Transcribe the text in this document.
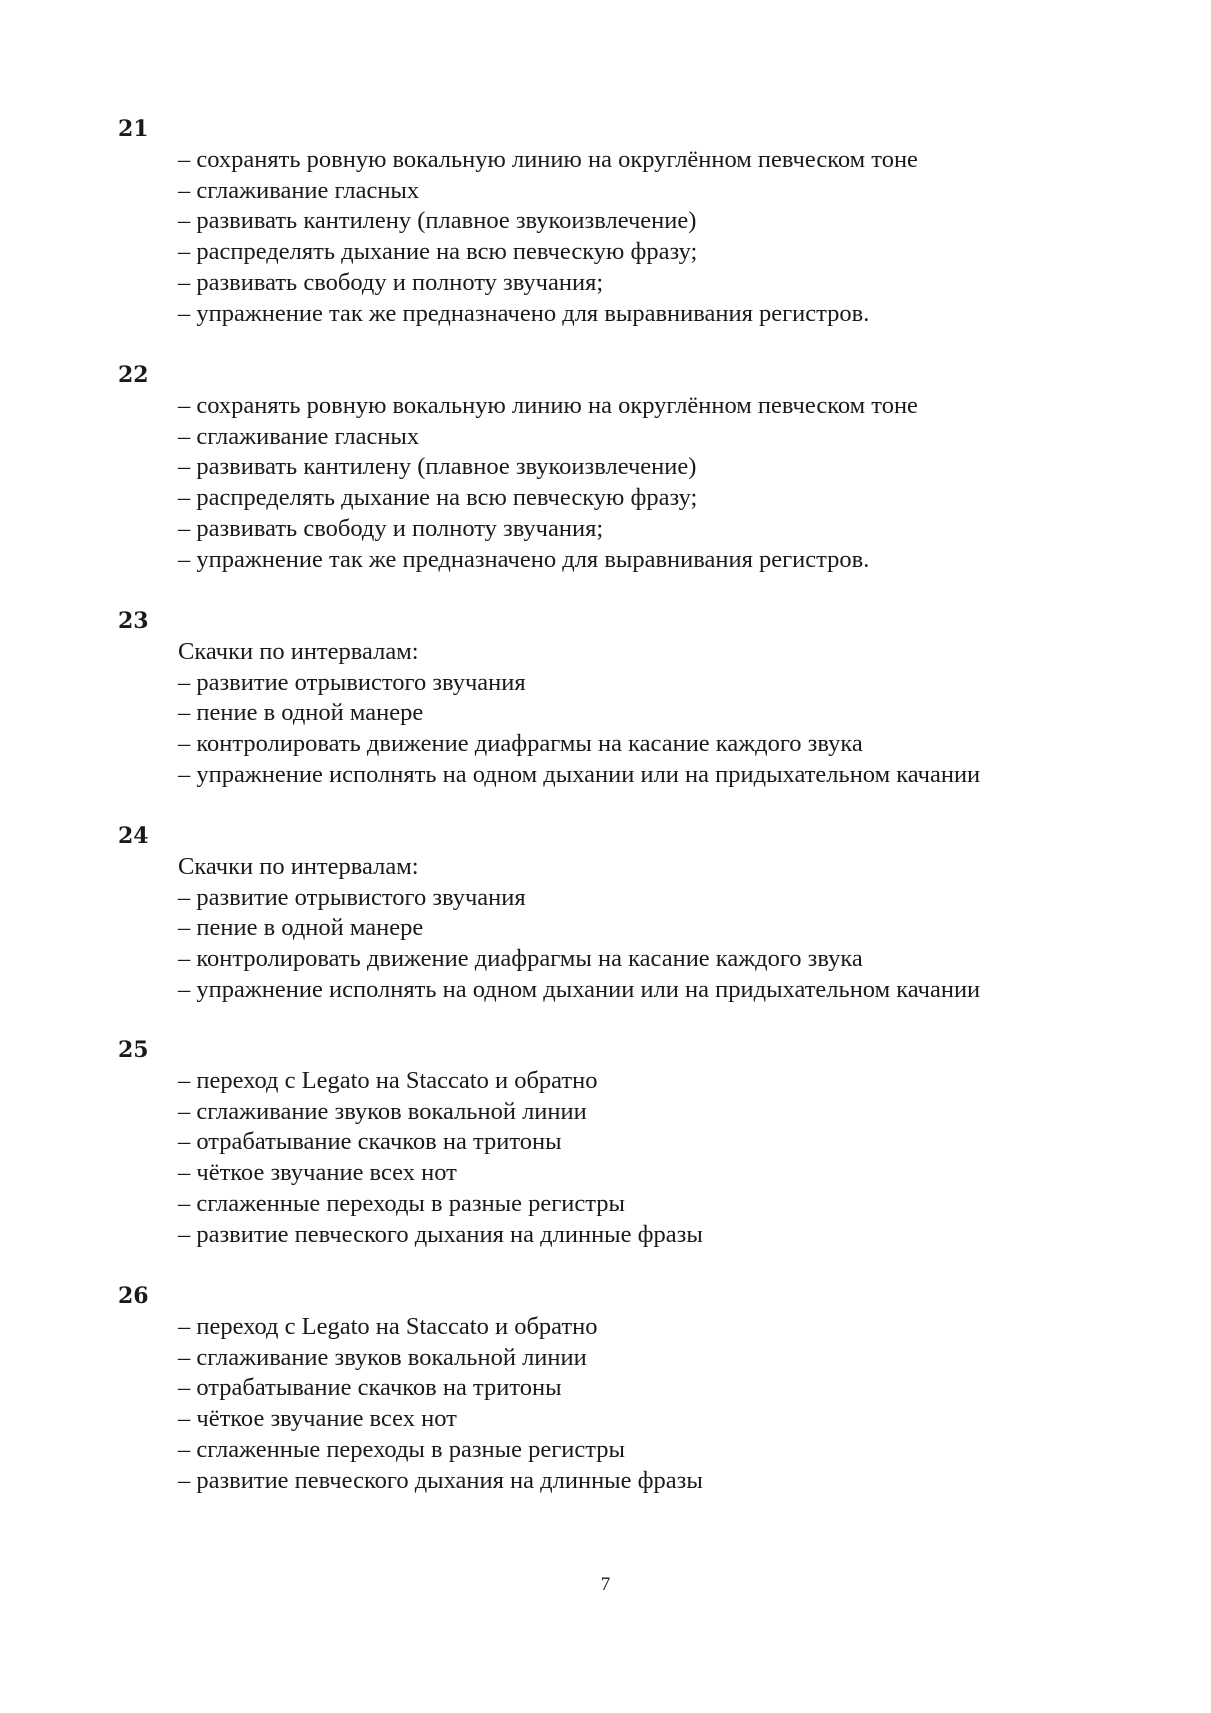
21
– сохранять ровную вокальную линию на округлённом певческом тоне
– сглаживание гласных
– развивать кантилену (плавное звукоизвлечение)
– распределять дыхание на всю певческую фразу;
– развивать свободу и полноту звучания;
– упражнение так же предназначено для выравнивания регистров.
22
– сохранять ровную вокальную линию на округлённом певческом тоне
– сглаживание гласных
– развивать кантилену (плавное звукоизвлечение)
– распределять дыхание на всю певческую фразу;
– развивать свободу и полноту звучания;
– упражнение так же предназначено для выравнивания регистров.
23
Скачки по интервалам:
– развитие отрывистого звучания
– пение в одной манере
– контролировать движение диафрагмы на касание каждого звука
– упражнение исполнять на одном дыхании или на придыхательном качании
24
Скачки по интервалам:
– развитие отрывистого звучания
– пение в одной манере
– контролировать движение диафрагмы на касание каждого звука
– упражнение исполнять на одном дыхании или на придыхательном качании
25
– переход с Legato на Staccato и обратно
– сглаживание звуков вокальной линии
– отрабатывание скачков на тритоны
– чёткое звучание всех нот
– сглаженные переходы в разные регистры
– развитие певческого дыхания на длинные фразы
26
– переход с Legato на Staccato и обратно
– сглаживание звуков вокальной линии
– отрабатывание скачков на тритоны
– чёткое звучание всех нот
– сглаженные переходы в разные регистры
– развитие певческого дыхания на длинные фразы
7
